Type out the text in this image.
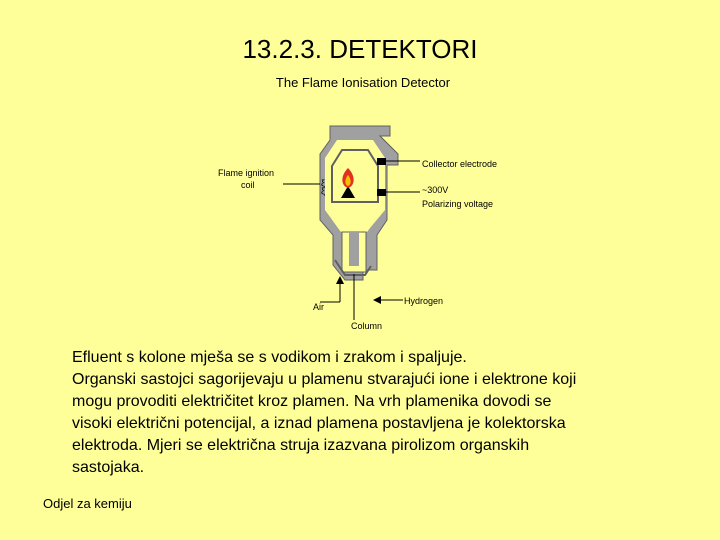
13.2.3. DETEKTORI
The Flame Ionisation Detector
ξ
ξ
Flame ignition
coil
Collector electrode
~300V
Polarizing voltage
Air
Hydrogen
Column
Efluent s kolone mješa se s vodikom i zrakom i spaljuje.
Organski sastojci sagorijevaju u plamenu stvarajući ione i elektrone koji
mogu provoditi električitet kroz plamen. Na vrh plamenika dovodi se
visoki električni potencijal, a iznad plamena postavljena je kolektorska
elektroda. Mjeri se električna struja izazvana pirolizom organskih
sastojaka.
Odjel za kemiju
